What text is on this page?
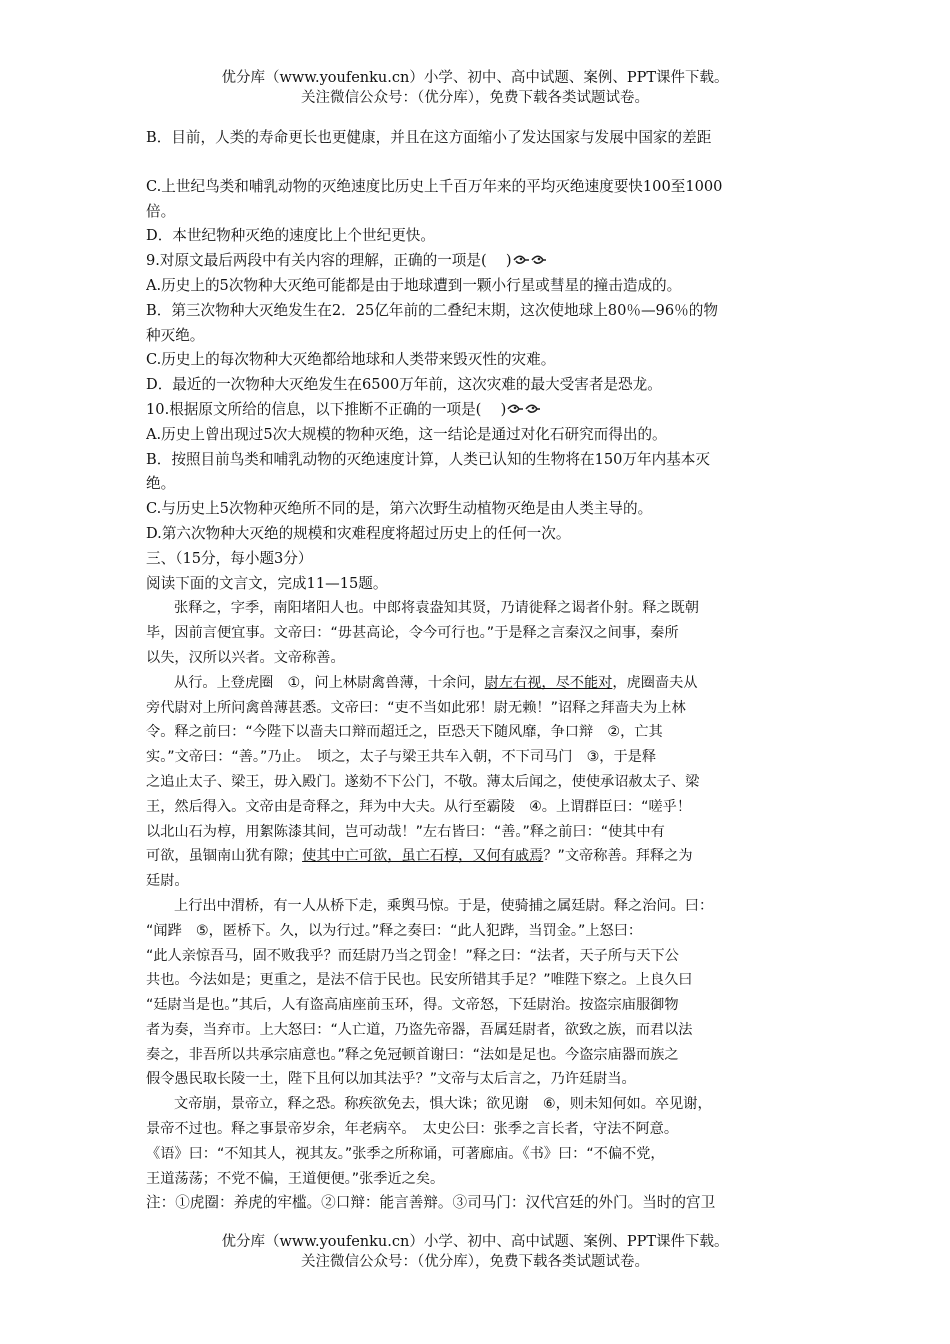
优分库（www.youfenku.cn）小学、初中、高中试题、案例、PPT课件下载。
关注微信公众号：（优分库），免费下载各类试题试卷。
B．目前，人类的寿命更长也更健康，并且在这方面缩小了发达国家与发展中国家的差距
C.上世纪鸟类和哺乳动物的灭绝速度比历史上千百万年来的平均灭绝速度要快100至1000
倍。
D．本世纪物种灭绝的速度比上个世纪更快。
9.对原文最后两段中有关内容的理解，正确的一项是(　 )
A.历史上的5次物种大灭绝可能都是由于地球遭到一颗小行星或彗星的撞击造成的。
B．第三次物种大灭绝发生在2．25亿年前的二叠纪末期，这次使地球上80％—96％的物
种灭绝。
C.历史上的每次物种大灭绝都给地球和人类带来毁灭性的灾难。
D．最近的一次物种大灭绝发生在6500万年前，这次灾难的最大受害者是恐龙。
10.根据原文所给的信息，以下推断不正确的一项是(　 )
A.历史上曾出现过5次大规模的物种灭绝，这一结论是通过对化石研究而得出的。
B．按照目前鸟类和哺乳动物的灭绝速度计算，人类已认知的生物将在150万年内基本灭
绝。
C.与历史上5次物种灭绝所不同的是，第六次野生动植物灭绝是由人类主导的。
D.第六次物种大灭绝的规模和灾难程度将超过历史上的任何一次。
三、（15分，每小题3分）
阅读下面的文言文，完成11—15题。
张释之，字季，南阳堵阳人也。中郎将袁盎知其贤，乃请徙释之谒者仆射。释之既朝
毕，因前言便宜事。文帝曰：“毋甚高论，令今可行也。”于是释之言秦汉之间事，秦所
以失，汉所以兴者。文帝称善。
从行。上登虎圈　①，问上林尉禽兽薄，十余问，尉左右视，尽不能对，虎圈啬夫从
旁代尉对上所问禽兽薄甚悉。文帝曰：“吏不当如此邪！尉无赖！”诏释之拜啬夫为上林
令。释之前曰：“今陛下以啬夫口辩而超迁之，臣恐天下随风靡，争口辩　②，亡其
实。”文帝曰：“善。”乃止。　顷之，太子与梁王共车入朝，不下司马门　③，于是释
之追止太子、梁王，毋入殿门。遂劾不下公门，不敬。薄太后闻之，使使承诏赦太子、梁
王，然后得入。文帝由是奇释之，拜为中大夫。从行至霸陵　④。上谓群臣曰：“嗟乎！
以北山石为椁，用絮陈漆其间，岂可动哉！”左右皆曰：“善。”释之前曰：“使其中有
可欲，虽锢南山犹有隙；使其中亡可欲，虽亡石椁，又何有戚焉？”文帝称善。拜释之为
廷尉。
上行出中渭桥，有一人从桥下走，乘舆马惊。于是，使骑捕之属廷尉。释之治问。曰：
“闻跸　⑤，匿桥下。久，以为行过。”释之奏曰：“此人犯跸，当罚金。”上怒曰：
“此人亲惊吾马，固不败我乎？而廷尉乃当之罚金！”释之曰：“法者，天子所与天下公
共也。今法如是；更重之，是法不信于民也。民安所错其手足？”唯陛下察之。上良久曰
“廷尉当是也。”其后，人有盗高庙座前玉环，得。文帝怒，下廷尉治。按盗宗庙服御物
者为奏，当弃市。上大怒曰：“人亡道，乃盗先帝器，吾属廷尉者，欲致之族，而君以法
奏之，非吾所以共承宗庙意也。”释之免冠顿首谢曰：“法如是足也。今盗宗庙器而族之
假令愚民取长陵一土，陛下且何以加其法乎？”文帝与太后言之，乃许廷尉当。
文帝崩，景帝立，释之恐。称疾欲免去，惧大诛；欲见谢　⑥，则未知何如。卒见谢，
景帝不过也。释之事景帝岁余，年老病卒。　太史公曰：张季之言长者，守法不阿意。
《语》曰：“不知其人，视其友。”张季之所称诵，可著廊庙。《书》曰：“不偏不党，
王道荡荡；不党不偏，王道便便。”张季近之矣。
注：①虎圈：养虎的牢槛。②口辩：能言善辩。③司马门：汉代宫廷的外门。当时的宫卫
优分库（www.youfenku.cn）小学、初中、高中试题、案例、PPT课件下载。
关注微信公众号：（优分库），免费下载各类试题试卷。
